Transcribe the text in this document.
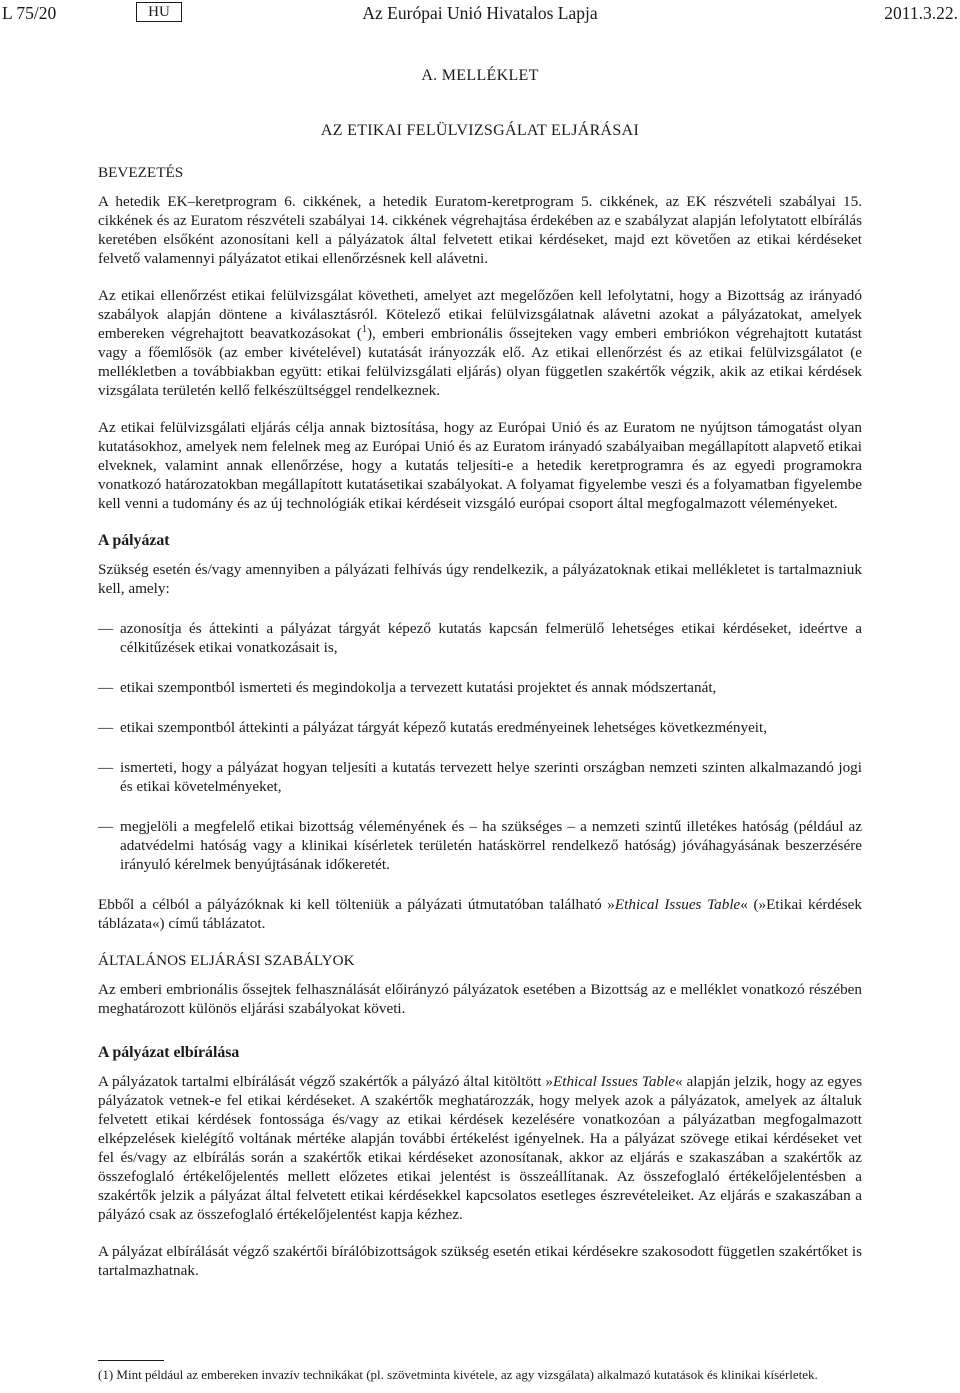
Az Európai Unió Hivatalos Lapja
L 75/20	HU	2011.3.22.
A. MELLÉKLET
AZ ETIKAI FELÜLVIZSGÁLAT ELJÁRÁSAI

BEVEZETÉS

A hetedik EK–keretprogram 6. cikkének, a hetedik Euratom-keretprogram 5. cikkének, az EK részvételi szabályai 15. cikkének és az Euratom részvételi szabályai 14. cikkének végrehajtása érdekében az e szabályzat alapján lefolytatott elbírálás keretében elsőként azonosítani kell a pályázatok által felvetett etikai kérdéseket, majd ezt követően az etikai kérdéseket felvető valamennyi pályázatot etikai ellenőrzésnek kell alávetni.

Az etikai ellenőrzést etikai felülvizsgálat követheti, amelyet azt megelőzően kell lefolytatni, hogy a Bizottság az irányadó szabályok alapján döntene a kiválasztásról. Kötelező etikai felülvizsgálatnak alávetni azokat a pályázatokat, amelyek embereken végrehajtott beavatkozásokat ($^1$), emberi embrionális őssejteken vagy emberi embriókon végrehajtott kutatást vagy a főemlősök (az ember kivételével) kutatását irányozzák elő. Az etikai ellenőrzést és az etikai felülvizsgálatot (e mellékletben a továbbiakban együtt: etikai felülvizsgálati eljárás) olyan független szakértők végzik, akik az etikai kérdések vizsgálata területén kellő felkészültséggel rendelkeznek.

Az etikai felülvizsgálati eljárás célja annak biztosítása, hogy az Európai Unió és az Euratom ne nyújtson támogatást olyan kutatásokhoz, amelyek nem felelnek meg az Európai Unió és az Euratom irányadó szabályaiban megállapított alapvető etikai elveknek, valamint annak ellenőrzése, hogy a kutatás teljesíti-e a hetedik keretprogramra és az egyedi programokra vonatkozó határozatokban megállapított kutatásetikai szabályokat. A folyamat figyelembe veszi és a folyamatban figyelembe kell venni a tudomány és az új technológiák etikai kérdéseit vizsgáló európai csoport által megfogalmazott véleményeket.

A pályázat

Szükség esetén és/vagy amennyiben a pályázati felhívás úgy rendelkezik, a pályázatoknak etikai mellékletet is tartalmazniuk kell, amely:

— azonosítja és áttekinti a pályázat tárgyát képező kutatás kapcsán felmerülő lehetséges etikai kérdéseket, ideértve a célkitűzések etikai vonatkozásait is,
— etikai szempontból ismerteti és megindokolja a tervezett kutatási projektet és annak módszertanát,
— etikai szempontból áttekinti a pályázat tárgyát képező kutatás eredményeinek lehetséges következményeit,
— ismerteti, hogy a pályázat hogyan teljesíti a kutatás tervezett helye szerinti országban nemzeti szinten alkalmazandó jogi és etikai követelményeket,
— megjelöli a megfelelő etikai bizottság véleményének és – ha szükséges – a nemzeti szintű illetékes hatóság (például az adatvédelmi hatóság vagy a klinikai kísérletek területén hatáskörrel rendelkező hatóság) jóváhagyásának beszerzésére irányuló kérelmek benyújtásának időkeretét.

Ebből a célból a pályázóknak ki kell tölteniük a pályázati útmutatóban található »Ethical Issues Table« (»Etikai kérdések táblázata«) című táblázatot.

ÁLTALÁNOS ELJÁRÁSI SZABÁLYOK

Az emberi embrionális őssejtek felhasználását előirányzó pályázatok esetében a Bizottság az e melléklet vonatkozó részében meghatározott különös eljárási szabályokat követi.

A pályázat elbírálása

A pályázatok tartalmi elbírálását végző szakértők a pályázó által kitöltött »Ethical Issues Table« alapján jelzik, hogy az egyes pályázatok vetnek-e fel etikai kérdéseket. A szakértők meghatározzák, hogy melyek azok a pályázatok, amelyek az általuk felvetett etikai kérdések fontossága és/vagy az etikai kérdések kezelésére vonatkozóan a pályázatban megfogalmazott elképzelések kielégítő voltának mértéke alapján további értékelést igényelnek. Ha a pályázat szövege etikai kérdéseket vet fel és/vagy az elbírálás során a szakértők etikai kérdéseket azonosítanak, akkor az eljárás e szakaszában a szakértők az összefoglaló értékelőjelentés mellett előzetes etikai jelentést is összeállítanak. Az összefoglaló értékelőjelentésben a szakértők jelzik a pályázat által felvetett etikai kérdésekkel kapcsolatos esetleges észrevételeiket. Az eljárás e szakaszában a pályázó csak az összefoglaló értékelőjelentést kapja kézhez.

A pályázat elbírálását végző szakértői bírálóbizottságok szükség esetén etikai kérdésekre szakosodott független szakértőket is tartalmazhatnak.

(1) Mint például az embereken invazív technikákat (pl. szövetminta kivétele, az agy vizsgálata) alkalmazó kutatások és klinikai kísérletek.
